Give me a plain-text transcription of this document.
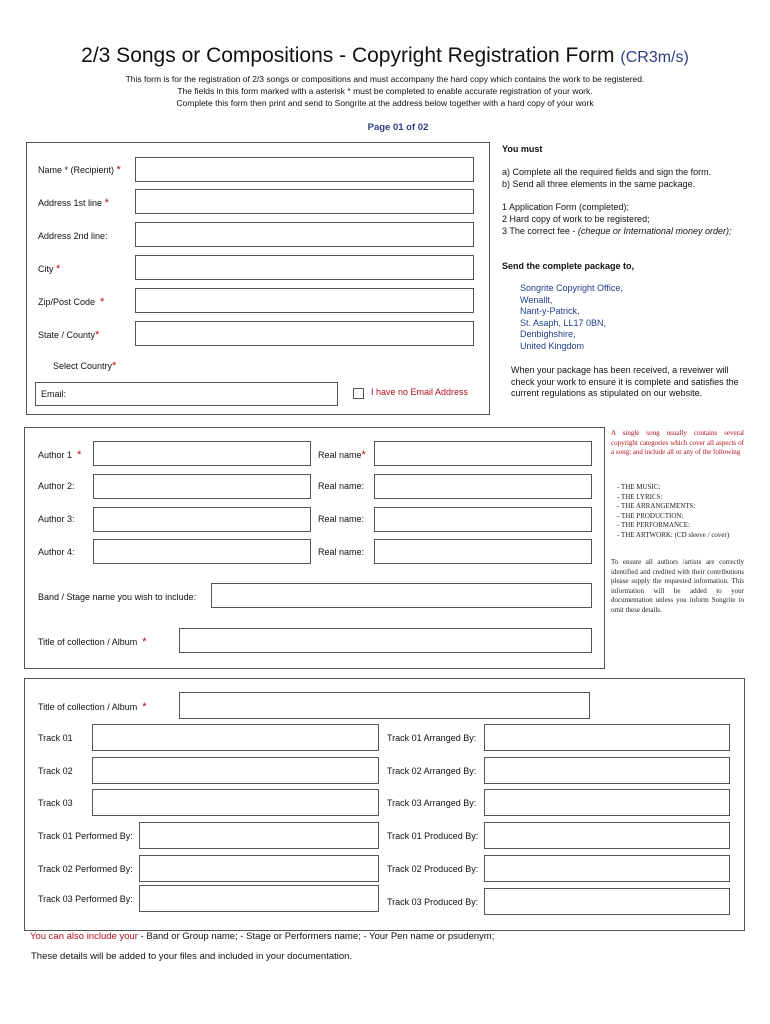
2/3 Songs or Compositions - Copyright Registration Form (CR3m/s)
This form is for the registration of 2/3 songs or compositions and must accompany the hard copy which contains the work to be registered.
The fields in this form marked with a asterisk * must be completed to enable accurate registration of your work.
Complete this form then print and send to Songrite at the address below together with a hard copy of your work
Page 01 of 02
Name * (Recipient) *
Address 1st line *
Address 2nd line:
City *
Zip/Post Code *
State / County*
Select Country*
Email:	I have no Email Address
You must
a) Complete all the required fields and sign the form.
b) Send all three elements in the same package.
1 Application Form (completed);
2 Hard copy of work to be registered;
3 The correct fee - (cheque or International money order);
Send the complete package to,
Songrite Copyright Office,
Wenallt,
Nant-y-Patrick,
St. Asaph, LL17 0BN,
Denbighshire,
United Kingdom
When your package has been received, a reveiwer will check your work to ensure it is complete and satisfies the current regulations as stipulated on our website.
Author 1 *	Real name*
Author 2:	Real name:
Author 3:	Real name:
Author 4:	Real name:
Band / Stage name you wish to include:
Title of collection / Album *
A single song usually contains several copyright categories which cover all aspects of a song; and include all or any of the following
- THE MUSIC:
- THE LYRICS:
- THE ARRANGEMENTS:
- THE PRODUCTION:
- THE PERFORMANCE:
- THE ARTWORK: (CD sleeve / cover)
To ensure all authors /artists are correctly identified and credited with their contributions please supply the requested information. This information will be added to your documentation unless you inform Songrite to omit these details.
Title of collection / Album *
Track 01	Track 01 Arranged By:
Track 02	Track 02 Arranged By:
Track 03	Track 03 Arranged By:
Track 01 Performed By:	Track 01 Produced By:
Track 02 Performed By:	Track 02 Produced By:
Track 03 Performed By:	Track 03 Produced By:
You can also include your - Band or Group name; - Stage or Performers name; - Your Pen name or psudenym;
These details will be added to your files and included in your documentation.
